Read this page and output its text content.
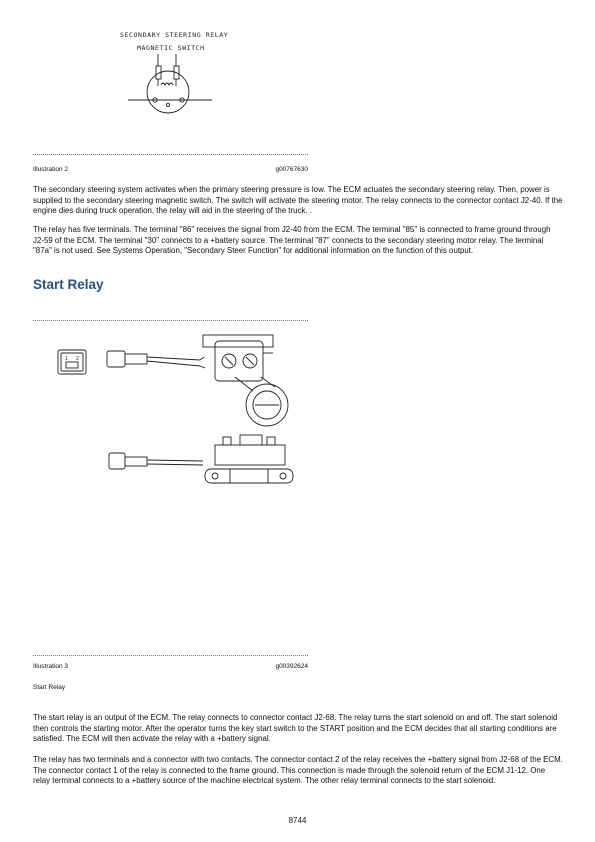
SECONDARY STEERING RELAY
MAGNETIC SWITCH
Illustration 2	g00767630
The secondary steering system activates when the primary steering pressure is low. The ECM actuates the secondary steering relay. Then, power is supplied to the secondary steering magnetic switch. The switch will activate the steering motor. The relay connects to the connector contact J2-40. If the engine dies during truck operation, the relay will aid in the steering of the truck. .
The relay has five terminals. The terminal "86" receives the signal from J2-40 from the ECM. The terminal "85" is connected to frame ground through J2-59 of the ECM. The terminal "30" connects to a +battery source. The terminal "87" connects to the secondary steering motor relay. The terminal "87a" is not used. See Systems Operation, "Secondary Steer Function" for additional information on the function of this output.
Start Relay
1 2
Illustration 3	g00392624
Start Relay
The start relay is an output of the ECM. The relay connects to connector contact J2-68. The relay turns the start solenoid on and off. The start solenoid then controls the starting motor. After the operator turns the key start switch to the START position and the ECM decides that all starting conditions are satisfied. The ECM will then activate the relay with a +battery signal.
The relay has two terminals and a connector with two contacts. The connector contact 2 of the relay receives the +battery signal from J2-68 of the ECM. The connector contact 1 of the relay is connected to the frame ground. This connection is made through the solenoid return of the ECM J1-12. One relay terminal connects to a +battery source of the machine electrical system. The other relay terminal connects to the start solenoid.
8744
